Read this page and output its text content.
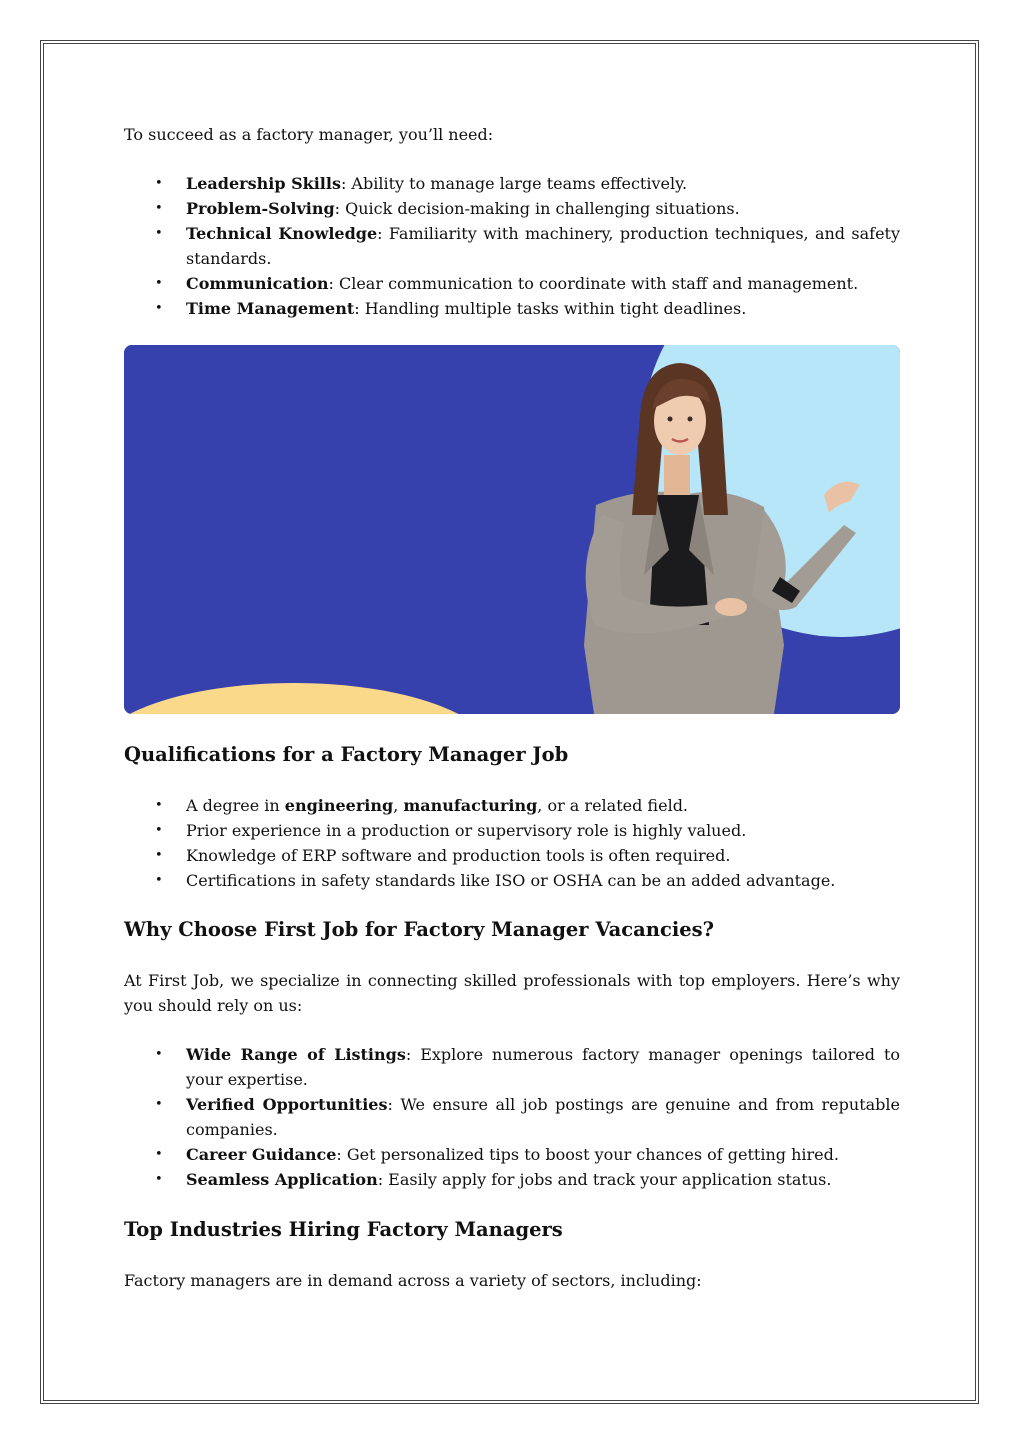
To succeed as a factory manager, you’ll need:

• Leadership Skills: Ability to manage large teams effectively.
• Problem-Solving: Quick decision-making in challenging situations.
• Technical Knowledge: Familiarity with machinery, production techniques, and safety standards.
• Communication: Clear communication to coordinate with staff and management.
• Time Management: Handling multiple tasks within tight deadlines.
Qualifications for a Factory Manager Job
• A degree in engineering, manufacturing, or a related field.
• Prior experience in a production or supervisory role is highly valued.
• Knowledge of ERP software and production tools is often required.
• Certifications in safety standards like ISO or OSHA can be an added advantage.
Why Choose First Job for Factory Manager Vacancies?

At First Job, we specialize in connecting skilled professionals with top employers. Here’s why you should rely on us:

• Wide Range of Listings: Explore numerous factory manager openings tailored to your expertise.
• Verified Opportunities: We ensure all job postings are genuine and from reputable companies.
• Career Guidance: Get personalized tips to boost your chances of getting hired.
• Seamless Application: Easily apply for jobs and track your application status.
Top Industries Hiring Factory Managers

Factory managers are in demand across a variety of sectors, including:
